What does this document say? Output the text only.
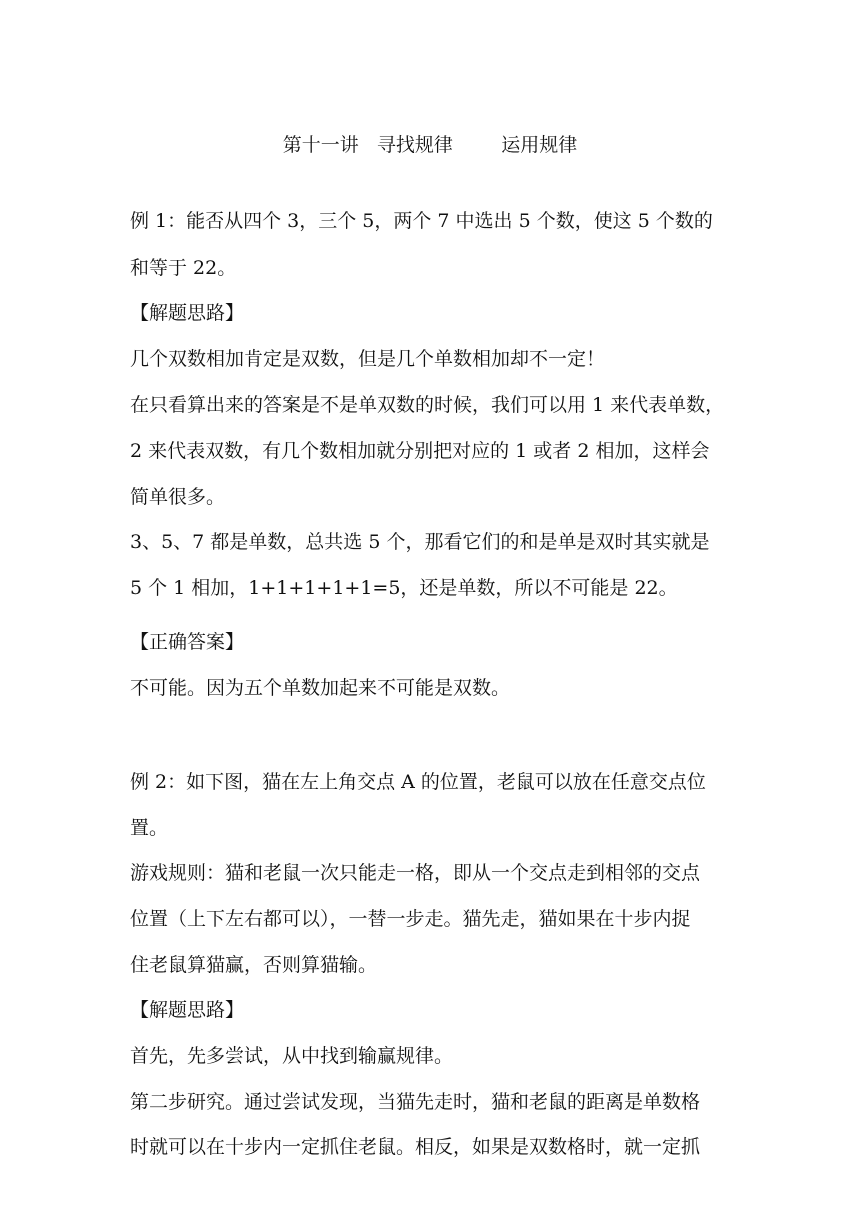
第十一讲   寻找规律        运用规律
例 1：能否从四个 3，三个 5，两个 7 中选出 5 个数，使这 5 个数的
和等于 22。
【解题思路】
几个双数相加肯定是双数，但是几个单数相加却不一定！
在只看算出来的答案是不是单双数的时候，我们可以用 1 来代表单数，
2 来代表双数，有几个数相加就分别把对应的 1 或者 2 相加，这样会
简单很多。
3、5、7 都是单数，总共选 5 个，那看它们的和是单是双时其实就是
5 个 1 相加，1+1+1+1+1=5，还是单数，所以不可能是 22。
【正确答案】
不可能。因为五个单数加起来不可能是双数。
例 2：如下图，猫在左上角交点 A 的位置，老鼠可以放在任意交点位
置。
游戏规则：猫和老鼠一次只能走一格，即从一个交点走到相邻的交点
位置（上下左右都可以），一替一步走。猫先走，猫如果在十步内捉
住老鼠算猫赢，否则算猫输。
【解题思路】
首先，先多尝试，从中找到输赢规律。
第二步研究。通过尝试发现，当猫先走时，猫和老鼠的距离是单数格
时就可以在十步内一定抓住老鼠。相反，如果是双数格时，就一定抓
